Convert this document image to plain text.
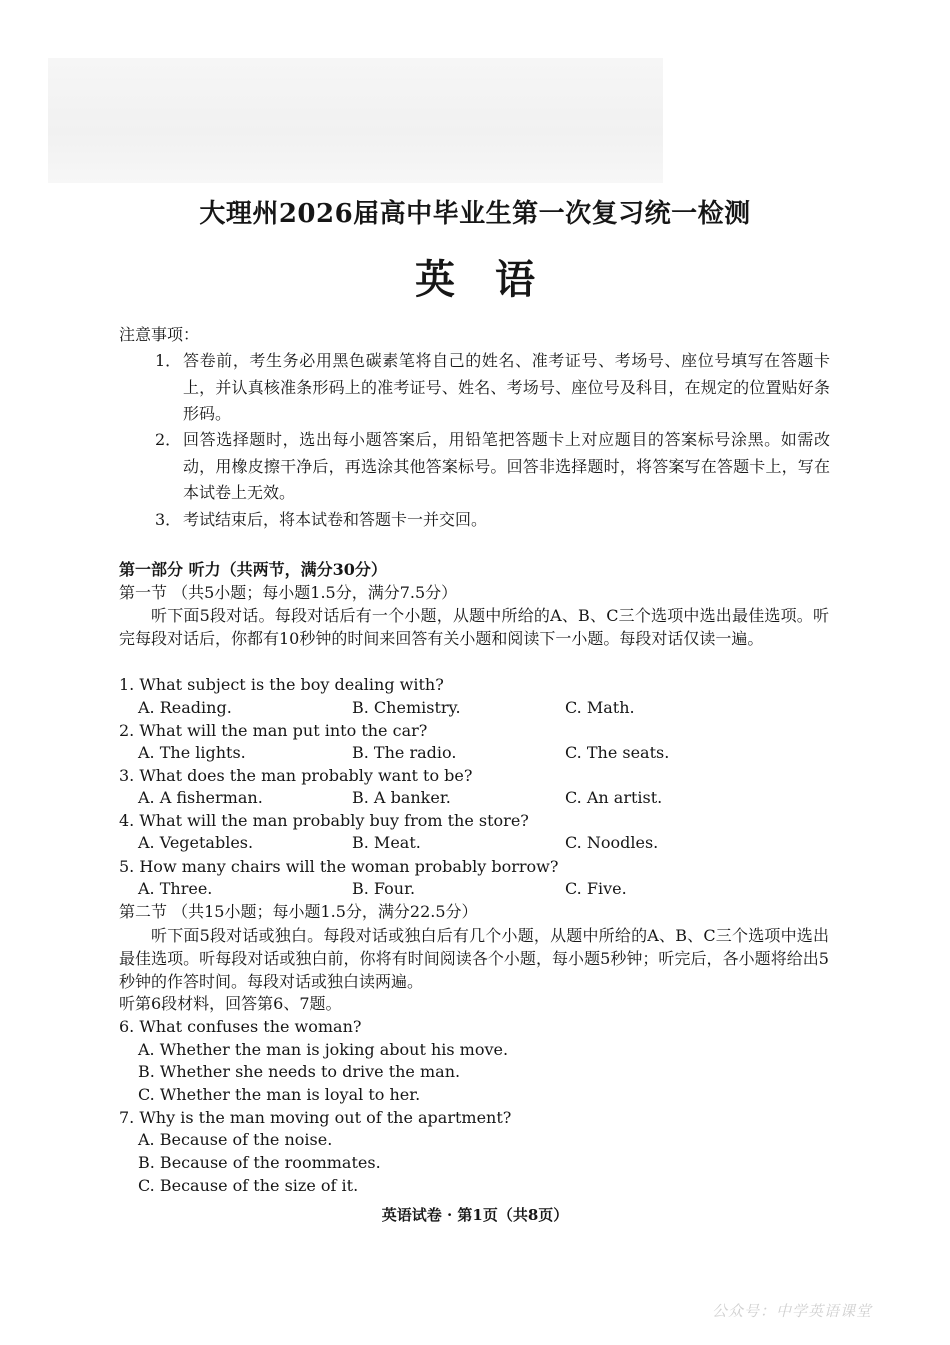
大理州2026届高中毕业生第一次复习统一检测
英语
注意事项：
1． 答卷前，考生务必用黑色碳素笔将自己的姓名、准考证号、考场号、座位号填写在答题卡上，并认真核准条形码上的准考证号、姓名、考场号、座位号及科目，在规定的位置贴好条形码。
2． 回答选择题时，选出每小题答案后，用铅笔把答题卡上对应题目的答案标号涂黑。如需改动，用橡皮擦干净后，再选涂其他答案标号。回答非选择题时，将答案写在答题卡上，写在本试卷上无效。
3． 考试结束后，将本试卷和答题卡一并交回。
第一部分 听力（共两节，满分30分）
第一节 （共5小题；每小题1.5分，满分7.5分）
听下面5段对话。每段对话后有一个小题，从题中所给的A、B、C三个选项中选出最佳选项。听完每段对话后，你都有10秒钟的时间来回答有关小题和阅读下一小题。每段对话仅读一遍。
1. What subject is the boy dealing with?
A. Reading.	B. Chemistry.	C. Math.
2. What will the man put into the car?
A. The lights.	B. The radio.	C. The seats.
3. What does the man probably want to be?
A. A fisherman.	B. A banker.	C. An artist.
4. What will the man probably buy from the store?
A. Vegetables.	B. Meat.	C. Noodles.
5. How many chairs will the woman probably borrow?
A. Three.	B. Four.	C. Five.
第二节 （共15小题；每小题1.5分，满分22.5分）
听下面5段对话或独白。每段对话或独白后有几个小题，从题中所给的A、B、C三个选项中选出最佳选项。听每段对话或独白前，你将有时间阅读各个小题，每小题5秒钟；听完后，各小题将给出5秒钟的作答时间。每段对话或独白读两遍。
听第6段材料，回答第6、7题。
6. What confuses the woman?
A. Whether the man is joking about his move.
B. Whether she needs to drive the man.
C. Whether the man is loyal to her.
7. Why is the man moving out of the apartment?
A. Because of the noise.
B. Because of the roommates.
C. Because of the size of it.
英语试卷 · 第1页（共8页）
公众号：中学英语课堂
